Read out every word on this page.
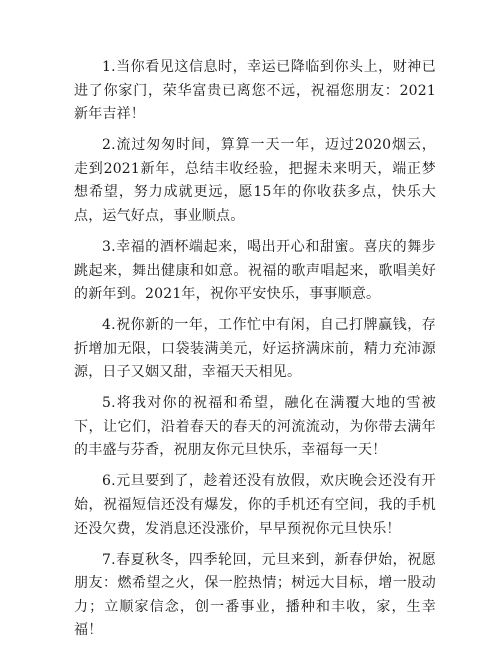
1.当你看见这信息时，幸运已降临到你头上，财神已进了你家门，荣华富贵已离您不远，祝福您朋友：2021新年吉祥！

2.流过匆匆时间，算算一天一年，迈过2020烟云，走到2021新年，总结丰收经验，把握未来明天，端正梦想希望，努力成就更远，愿15年的你收获多点，快乐大点，运气好点，事业顺点。

3.幸福的酒杯端起来，喝出开心和甜蜜。喜庆的舞步跳起来，舞出健康和如意。祝福的歌声唱起来，歌唱美好的新年到。2021年，祝你平安快乐，事事顺意。

4.祝你新的一年，工作忙中有闲，自己打牌赢钱，存折增加无限，口袋装满美元，好运挤满床前，精力充沛源源，日子又姻又甜，幸福天天相见。

5.将我对你的祝福和希望，融化在满覆大地的雪被下，让它们，沿着春天的春天的河流流动，为你带去满年的丰盛与芬香，祝朋友你元旦快乐，幸福每一天！

6.元旦要到了，趁着还没有放假，欢庆晚会还没有开始，祝福短信还没有爆发，你的手机还有空间，我的手机还没欠费，发消息还没涨价，早早预祝你元旦快乐！

7.春夏秋冬，四季轮回，元旦来到，新春伊始，祝愿朋友：燃希望之火，保一腔热情；树远大目标，增一股动力；立顺家信念，创一番事业，播种和丰收，家，生幸福！
